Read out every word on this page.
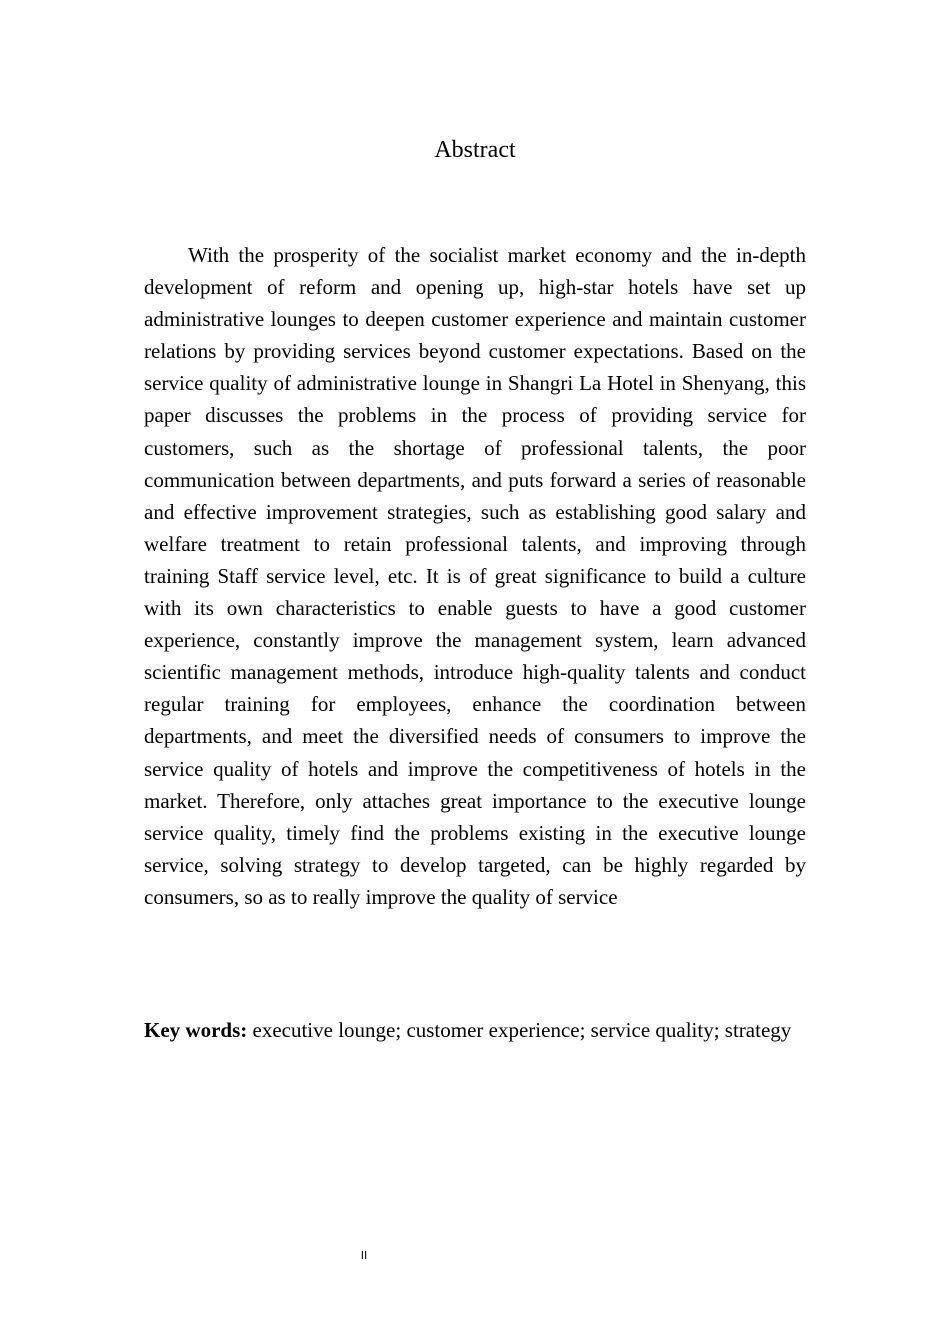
Abstract

With the prosperity of the socialist market economy and the in-depth development of reform and opening up, high-star hotels have set up administrative lounges to deepen customer experience and maintain customer relations by providing services beyond customer expectations. Based on the service quality of administrative lounge in Shangri La Hotel in Shenyang, this paper discusses the problems in the process of providing service for customers, such as the shortage of professional talents, the poor communication between departments, and puts forward a series of reasonable and effective improvement strategies, such as establishing good salary and welfare treatment to retain professional talents, and improving through training Staff service level, etc. It is of great significance to build a culture with its own characteristics to enable guests to have a good customer experience, constantly improve the management system, learn advanced scientific management methods, introduce high-quality talents and conduct regular training for employees, enhance the coordination between departments, and meet the diversified needs of consumers to improve the service quality of hotels and improve the competitiveness of hotels in the market. Therefore, only attaches great importance to the executive lounge service quality, timely find the problems existing in the executive lounge service, solving strategy to develop targeted, can be highly regarded by consumers, so as to really improve the quality of service

Key words: executive lounge; customer experience; service quality; strategy

II
